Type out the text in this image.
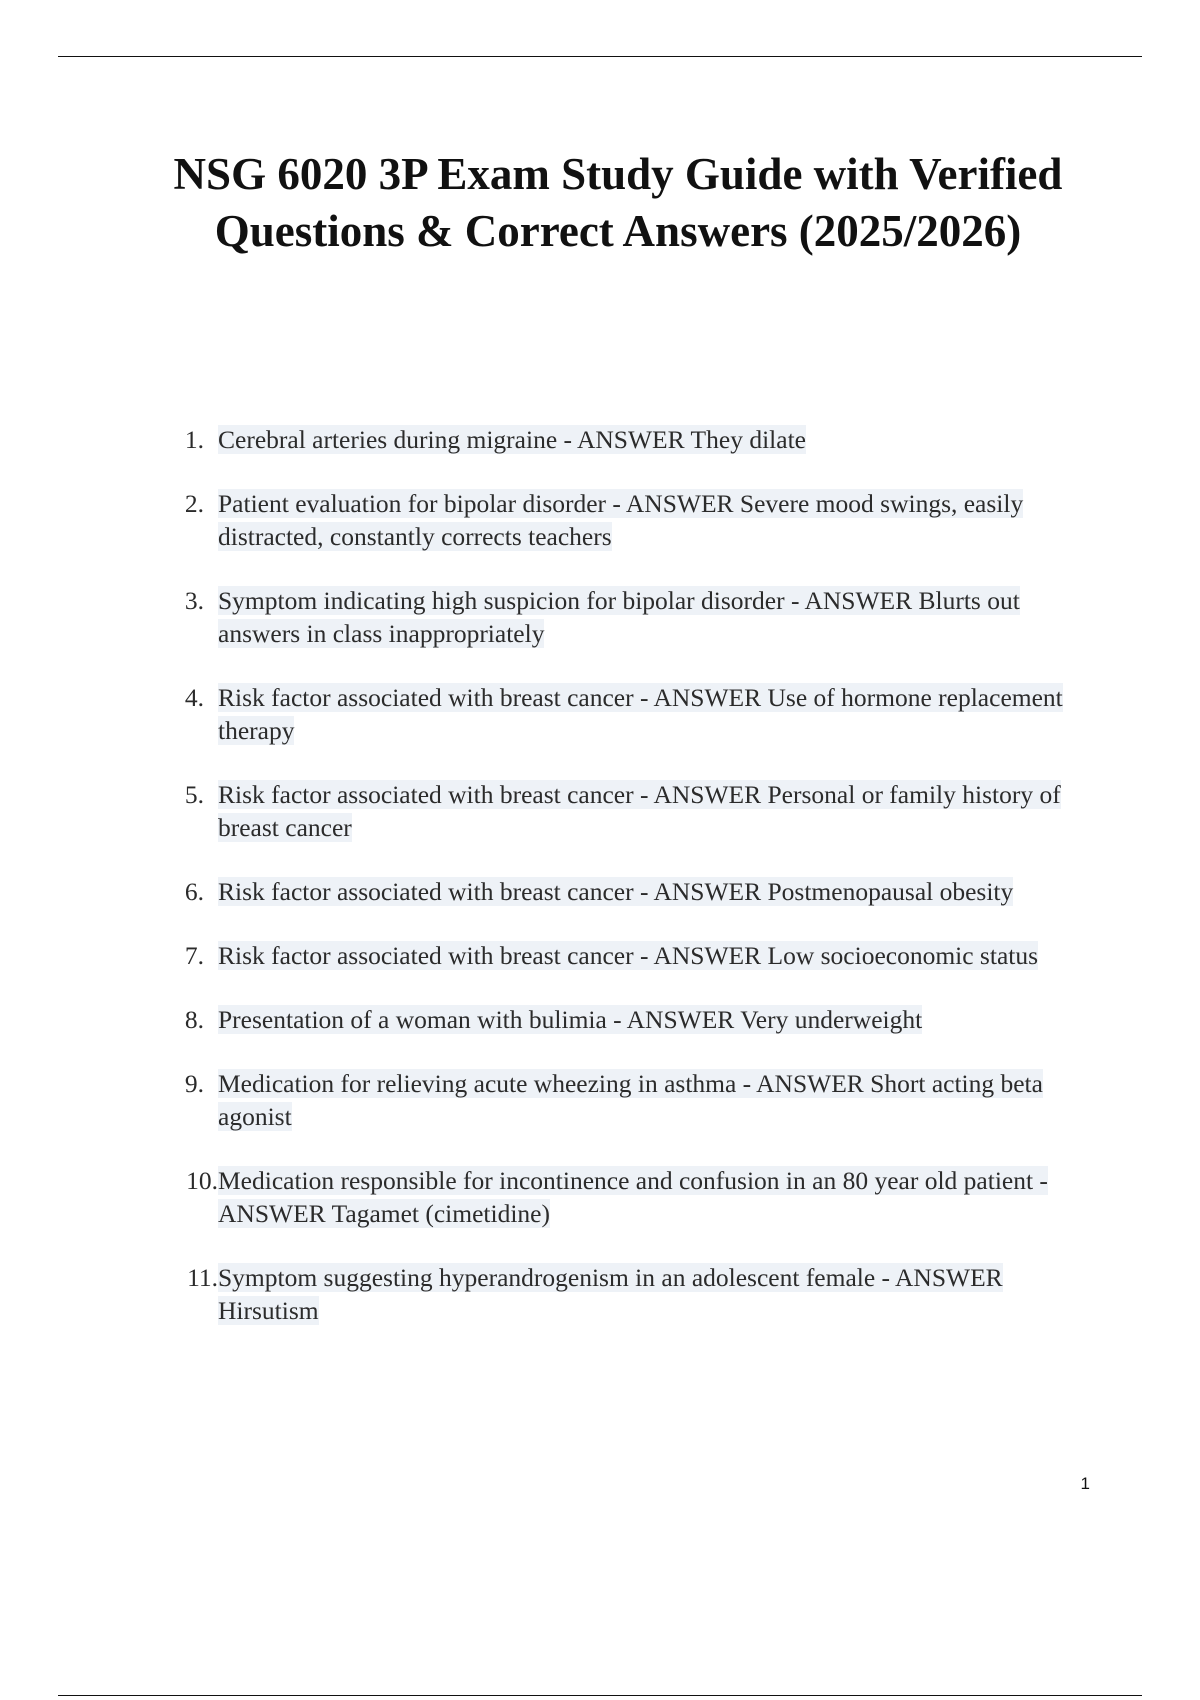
NSG 6020 3P Exam Study Guide with Verified Questions & Correct Answers (2025/2026)
1. Cerebral arteries during migraine - ANSWER They dilate
2. Patient evaluation for bipolar disorder - ANSWER Severe mood swings, easily distracted, constantly corrects teachers
3. Symptom indicating high suspicion for bipolar disorder - ANSWER Blurts out answers in class inappropriately
4. Risk factor associated with breast cancer - ANSWER Use of hormone replacement therapy
5. Risk factor associated with breast cancer - ANSWER Personal or family history of breast cancer
6. Risk factor associated with breast cancer - ANSWER Postmenopausal obesity
7. Risk factor associated with breast cancer - ANSWER Low socioeconomic status
8. Presentation of a woman with bulimia - ANSWER Very underweight
9. Medication for relieving acute wheezing in asthma - ANSWER Short acting beta agonist
10. Medication responsible for incontinence and confusion in an 80 year old patient - ANSWER Tagamet (cimetidine)
11. Symptom suggesting hyperandrogenism in an adolescent female - ANSWER Hirsutism
1
